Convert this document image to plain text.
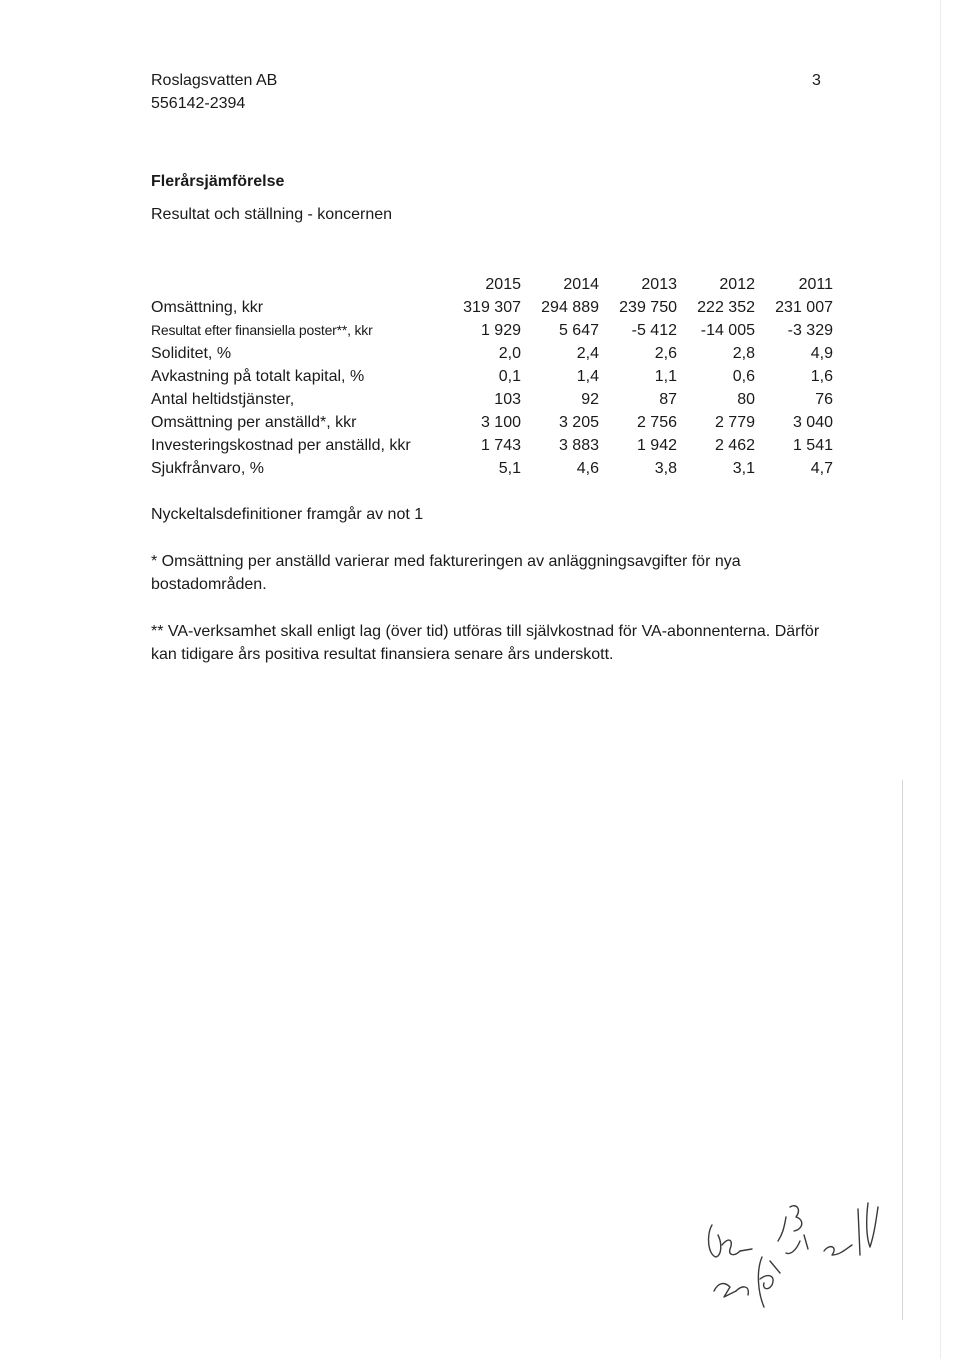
Roslagsvatten AB
556142-2394
3
Flerårsjämförelse
Resultat och ställning - koncernen
	2015	2014	2013	2012	2011
Omsättning, kkr	319 307	294 889	239 750	222 352	231 007
Resultat efter finansiella poster**, kkr	1 929	5 647	-5 412	-14 005	-3 329
Soliditet, %	2,0	2,4	2,6	2,8	4,9
Avkastning på totalt kapital, %	0,1	1,4	1,1	0,6	1,6
Antal heltidstjänster,	103	92	87	80	76
Omsättning per anställd*, kkr	3 100	3 205	2 756	2 779	3 040
Investeringskostnad per anställd, kkr	1 743	3 883	1 942	2 462	1 541
Sjukfrånvaro, %	5,1	4,6	3,8	3,1	4,7
Nyckeltalsdefinitioner framgår av not 1
* Omsättning per anställd varierar med faktureringen av anläggningsavgifter för nya bostadområden.
** VA-verksamhet skall enligt lag (över tid) utföras till självkostnad för VA-abonnenterna. Därför kan tidigare års positiva resultat finansiera senare års underskott.
